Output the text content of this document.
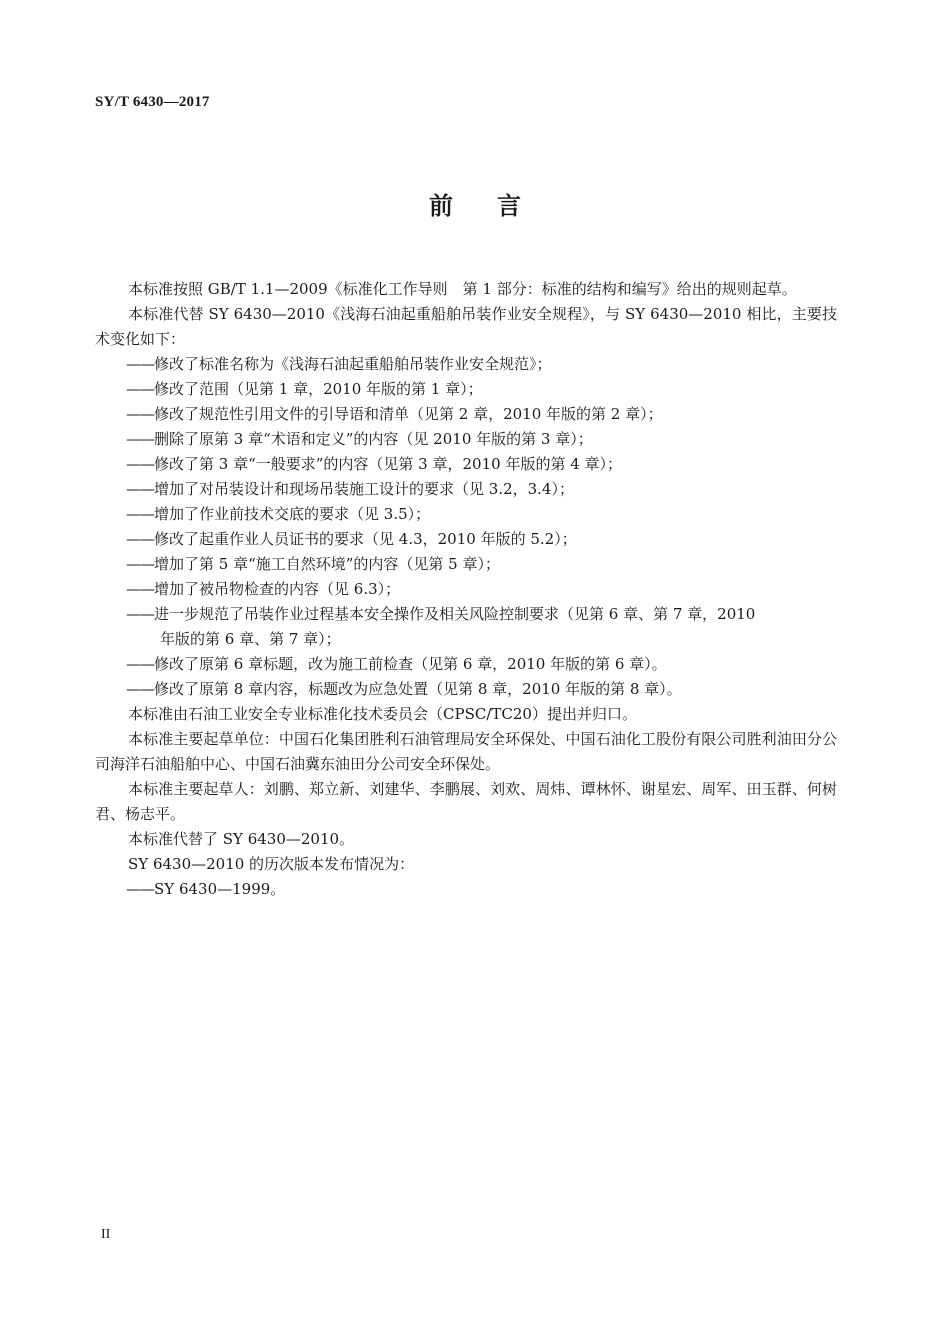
SY/T 6430—2017
前言

本标准按照 GB/T 1.1—2009《标准化工作导则　第 1 部分：标准的结构和编写》给出的规则起草。

本标准代替 SY 6430—2010《浅海石油起重船舶吊装作业安全规程》，与 SY 6430—2010 相比，主要技术变化如下：

——修改了标准名称为《浅海石油起重船舶吊装作业安全规范》；
——修改了范围（见第 1 章，2010 年版的第 1 章）；
——修改了规范性引用文件的引导语和清单（见第 2 章，2010 年版的第 2 章）；
——删除了原第 3 章“术语和定义”的内容（见 2010 年版的第 3 章）；
——修改了第 3 章“一般要求”的内容（见第 3 章，2010 年版的第 4 章）；
——增加了对吊装设计和现场吊装施工设计的要求（见 3.2，3.4）；
——增加了作业前技术交底的要求（见 3.5）；
——修改了起重作业人员证书的要求（见 4.3，2010 年版的 5.2）；
——增加了第 5 章“施工自然环境”的内容（见第 5 章）；
——增加了被吊物检查的内容（见 6.3）；
——进一步规范了吊装作业过程基本安全操作及相关风险控制要求（见第 6 章、第 7 章，2010
年版的第 6 章、第 7 章）；
——修改了原第 6 章标题，改为施工前检查（见第 6 章，2010 年版的第 6 章）。
——修改了原第 8 章内容，标题改为应急处置（见第 8 章，2010 年版的第 8 章）。

本标准由石油工业安全专业标准化技术委员会（CPSC/TC20）提出并归口。

本标准主要起草单位：中国石化集团胜利石油管理局安全环保处、中国石油化工股份有限公司胜利油田分公司海洋石油船舶中心、中国石油冀东油田分公司安全环保处。

本标准主要起草人：刘鹏、郑立新、刘建华、李鹏展、刘欢、周炜、谭林怀、谢星宏、周军、田玉群、何树君、杨志平。

本标准代替了 SY 6430—2010。

SY 6430—2010 的历次版本发布情况为：

——SY 6430—1999。
II
